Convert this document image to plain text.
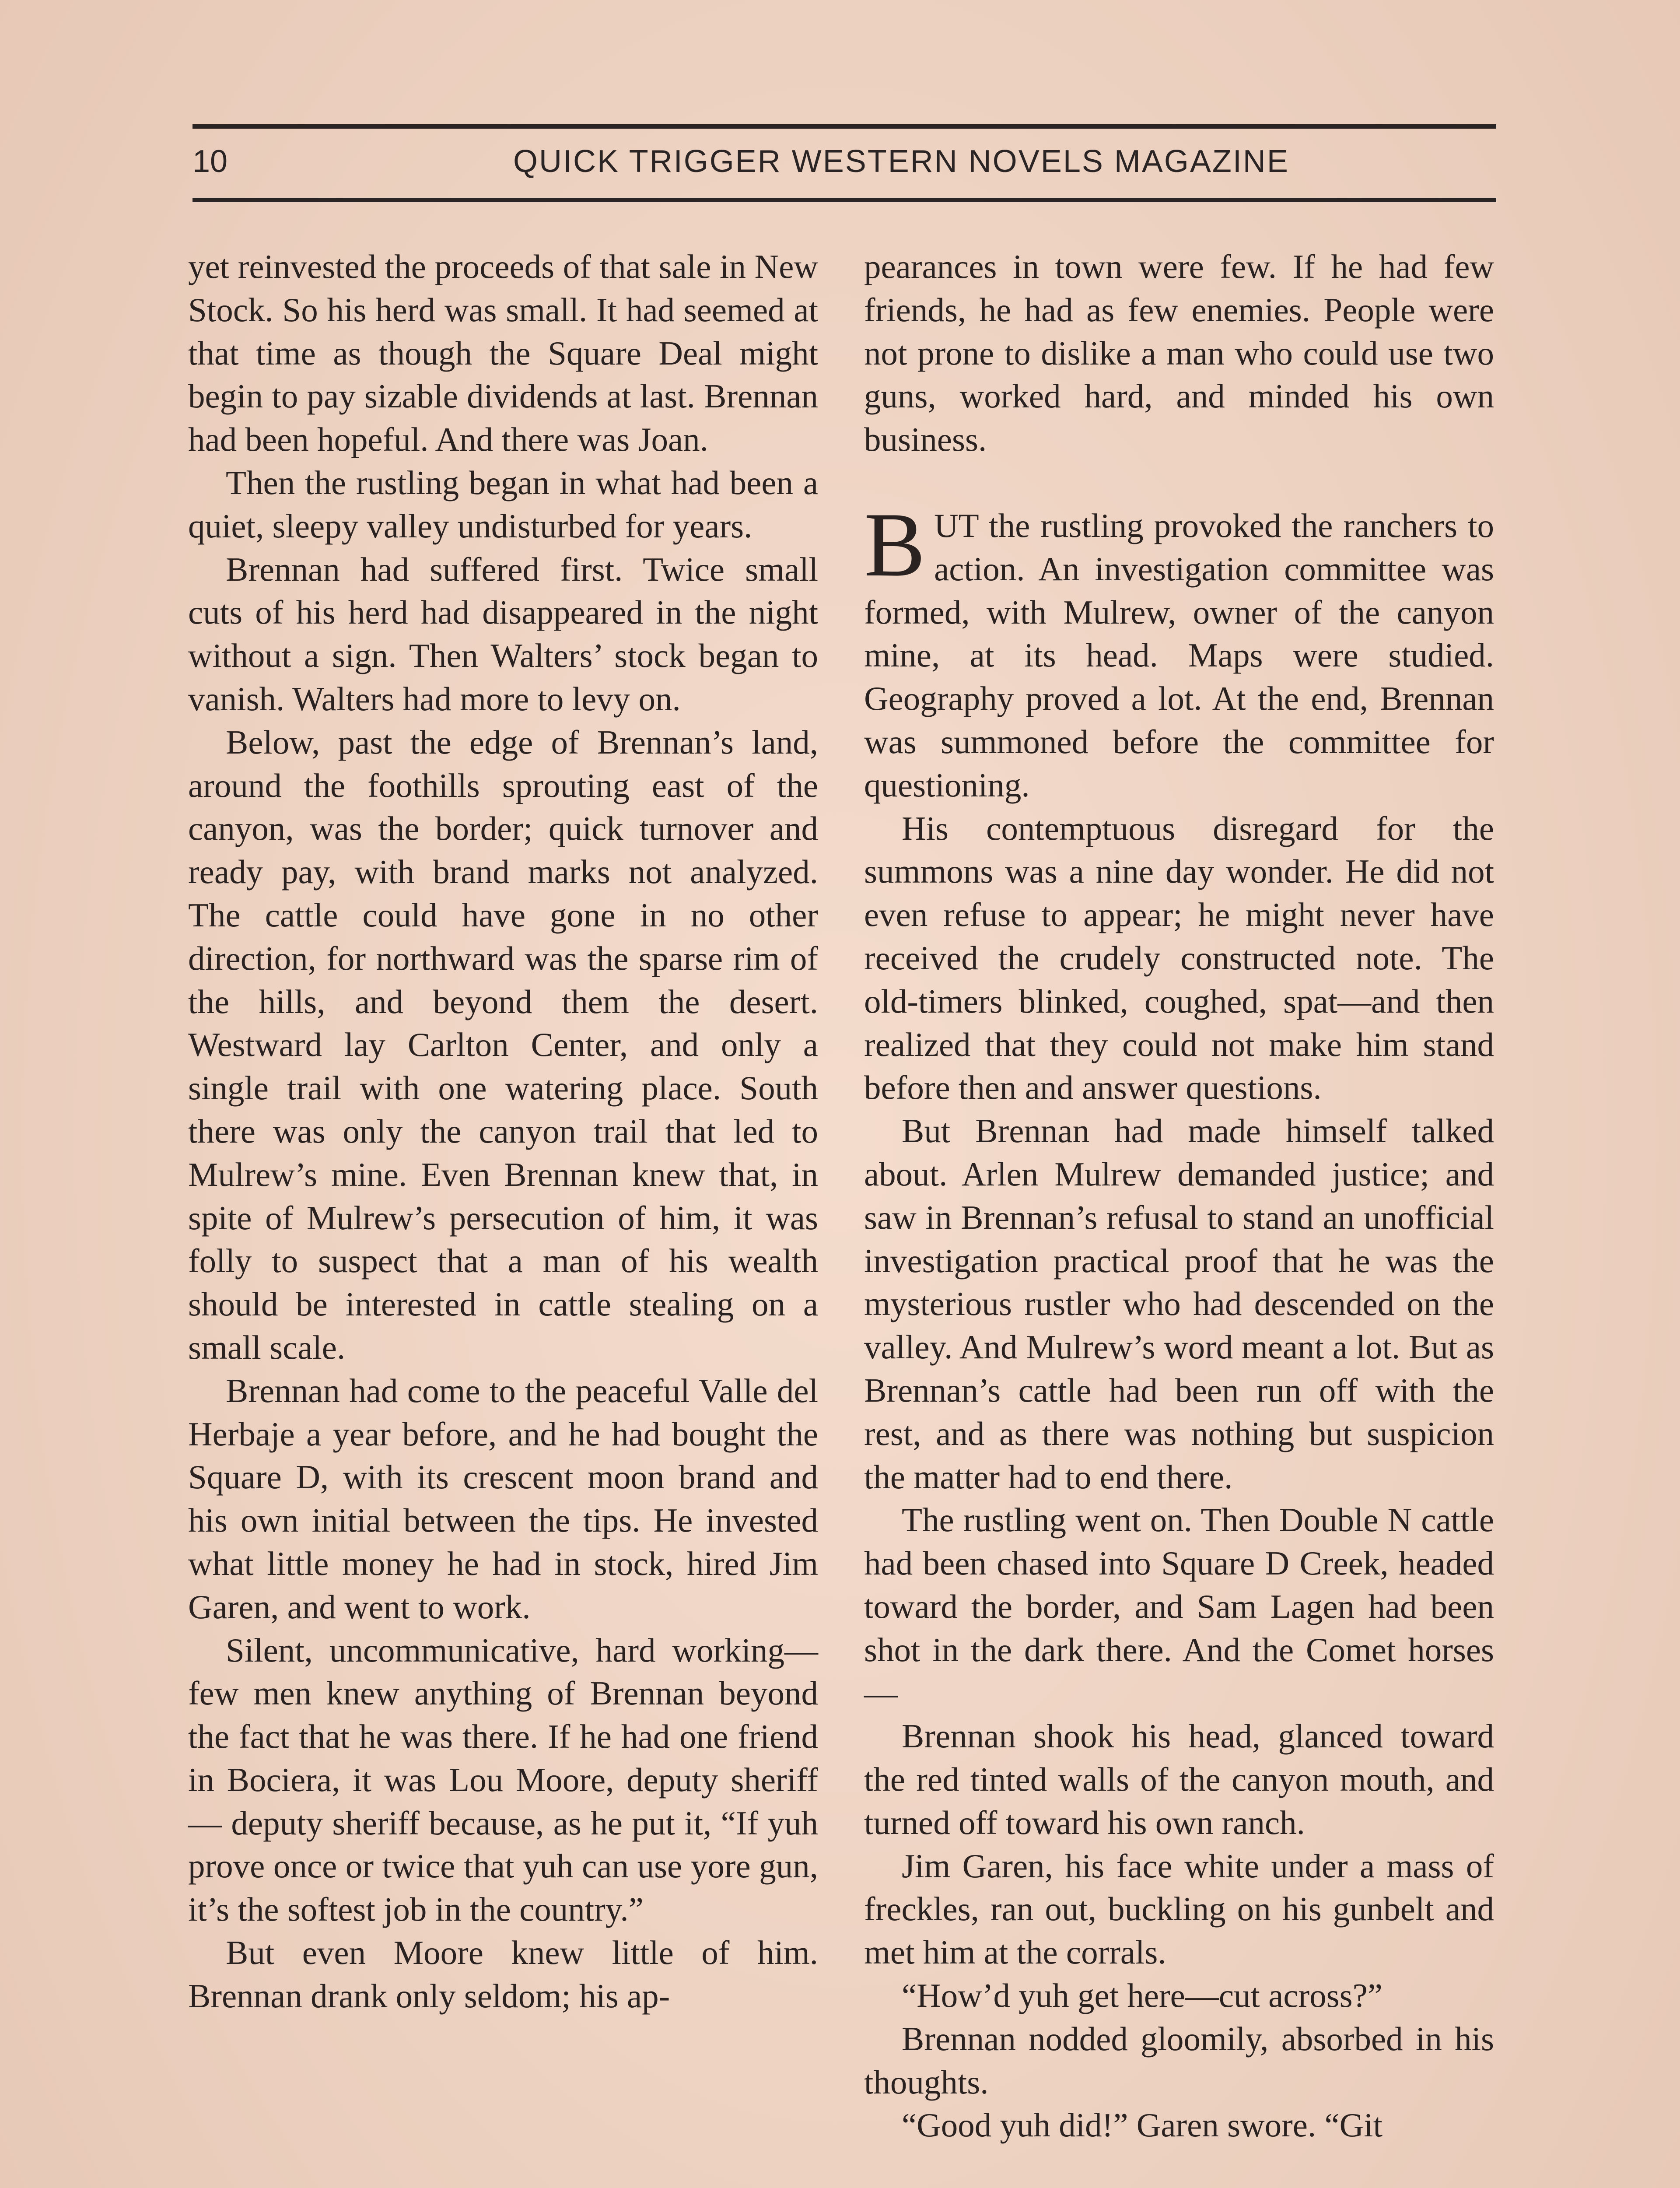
10	QUICK TRIGGER WESTERN NOVELS MAGAZINE

yet reinvested the proceeds of that sale in New Stock. So his herd was small. It had seemed at that time as though the Square Deal might begin to pay sizable dividends at last. Brennan had been hopeful. And there was Joan.

Then the rustling began in what had been a quiet, sleepy valley undisturbed for years.

Brennan had suffered first. Twice small cuts of his herd had disappeared in the night without a sign. Then Walters’ stock began to vanish. Walters had more to levy on.

Below, past the edge of Brennan’s land, around the foothills sprouting east of the canyon, was the border; quick turnover and ready pay, with brand marks not analyzed. The cattle could have gone in no other direction, for northward was the sparse rim of the hills, and beyond them the desert. Westward lay Carlton Center, and only a single trail with one watering place. South there was only the canyon trail that led to Mulrew’s mine. Even Brennan knew that, in spite of Mulrew’s persecution of him, it was folly to suspect that a man of his wealth should be interested in cattle stealing on a small scale.

Brennan had come to the peaceful Valle del Herbaje a year before, and he had bought the Square D, with its crescent moon brand and his own initial between the tips. He invested what little money he had in stock, hired Jim Garen, and went to work.

Silent, uncommunicative, hard working—few men knew anything of Brennan beyond the fact that he was there. If he had one friend in Bociera, it was Lou Moore, deputy sheriff — deputy sheriff because, as he put it, “If yuh prove once or twice that yuh can use yore gun, it’s the softest job in the country.”

But even Moore knew little of him. Brennan drank only seldom; his ap-

pearances in town were few. If he had few friends, he had as few enemies. People were not prone to dislike a man who could use two guns, worked hard, and minded his own business.

BUT the rustling provoked the ranchers to action. An investigation committee was formed, with Mulrew, owner of the canyon mine, at its head. Maps were studied. Geography proved a lot. At the end, Brennan was summoned before the committee for questioning.

His contemptuous disregard for the summons was a nine day wonder. He did not even refuse to appear; he might never have received the crudely constructed note. The old-timers blinked, coughed, spat—and then realized that they could not make him stand before then and answer questions.

But Brennan had made himself talked about. Arlen Mulrew demanded justice; and saw in Brennan’s refusal to stand an unofficial investigation practical proof that he was the mysterious rustler who had descended on the valley. And Mulrew’s word meant a lot. But as Brennan’s cattle had been run off with the rest, and as there was nothing but suspicion the matter had to end there.

The rustling went on. Then Double N cattle had been chased into Square D Creek, headed toward the border, and Sam Lagen had been shot in the dark there. And the Comet horses—

Brennan shook his head, glanced toward the red tinted walls of the canyon mouth, and turned off toward his own ranch.

Jim Garen, his face white under a mass of freckles, ran out, buckling on his gunbelt and met him at the corrals.

“How’d yuh get here—cut across?”

Brennan nodded gloomily, absorbed in his thoughts.

“Good yuh did!” Garen swore. “Git
